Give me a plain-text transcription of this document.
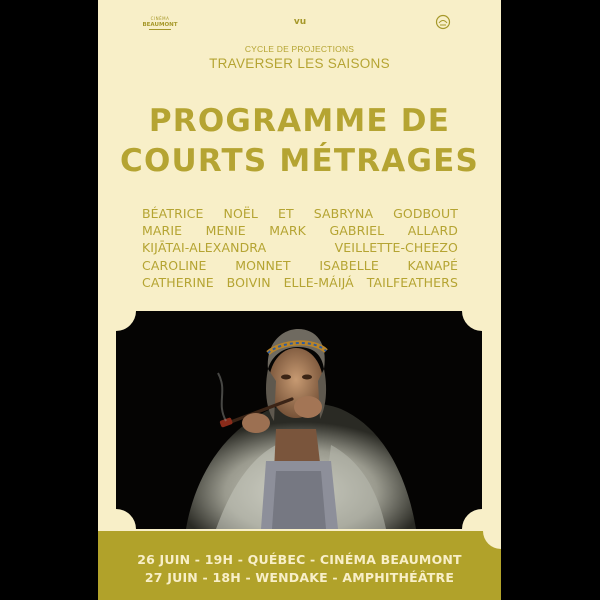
CINÉMA
BEAUMONT	vu
CYCLE DE PROJECTIONS
TRAVERSER LES SAISONS
PROGRAMME DE
COURTS MÉTRAGES
BÉATRICE NOËL ET SABRYNA GODBOUT
MARIE MENIE MARK GABRIEL ALLARD
KIJĀTAI-ALEXANDRA	VEILLETTE-CHEEZO
CAROLINE MONNET ISABELLE KANAPÉ
CATHERINE BOIVIN ELLE-MÁIJÁ TAILFEATHERS
26 JUIN - 19H - QUÉBEC - CINÉMA BEAUMONT
27 JUIN - 18H - WENDAKE - AMPHITHÉÂTRE
